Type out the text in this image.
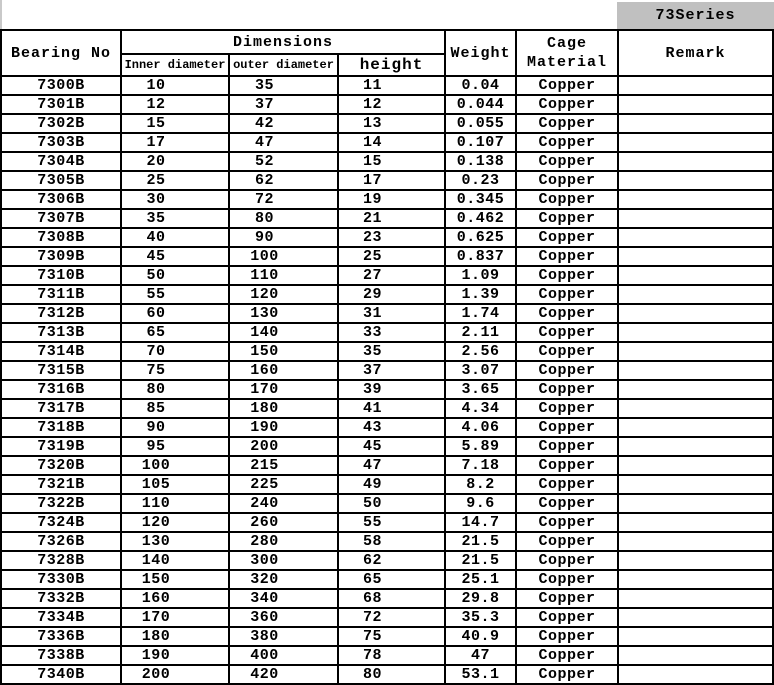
73Series
Bearing No	Dimensions			Weight	Cage Material	Remark
	Inner diameter	outer diameter	height			
7300B	10	35	11	0.04	Copper	
7301B	12	37	12	0.044	Copper	
7302B	15	42	13	0.055	Copper	
7303B	17	47	14	0.107	Copper	
7304B	20	52	15	0.138	Copper	
7305B	25	62	17	0.23	Copper	
7306B	30	72	19	0.345	Copper	
7307B	35	80	21	0.462	Copper	
7308B	40	90	23	0.625	Copper	
7309B	45	100	25	0.837	Copper	
7310B	50	110	27	1.09	Copper	
7311B	55	120	29	1.39	Copper	
7312B	60	130	31	1.74	Copper	
7313B	65	140	33	2.11	Copper	
7314B	70	150	35	2.56	Copper	
7315B	75	160	37	3.07	Copper	
7316B	80	170	39	3.65	Copper	
7317B	85	180	41	4.34	Copper	
7318B	90	190	43	4.06	Copper	
7319B	95	200	45	5.89	Copper	
7320B	100	215	47	7.18	Copper	
7321B	105	225	49	8.2	Copper	
7322B	110	240	50	9.6	Copper	
7324B	120	260	55	14.7	Copper	
7326B	130	280	58	21.5	Copper	
7328B	140	300	62	21.5	Copper	
7330B	150	320	65	25.1	Copper	
7332B	160	340	68	29.8	Copper	
7334B	170	360	72	35.3	Copper	
7336B	180	380	75	40.9	Copper	
7338B	190	400	78	47	Copper	
7340B	200	420	80	53.1	Copper	
